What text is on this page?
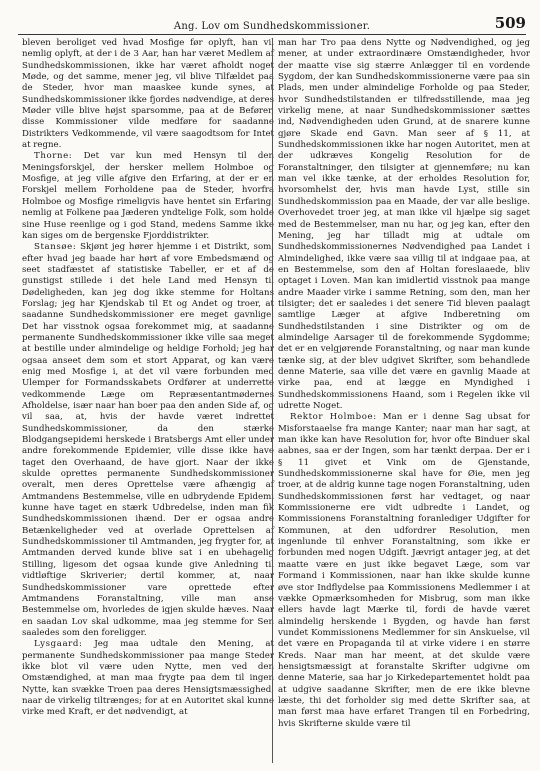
Ang. Lov om Sundhedskommissioner.	509

bleven beroliget ved hvad Mosfige før oplyft, han vil nemlig oplyft, at der i de 3 Aar, han har været Medlem af Sundhedskommissionen, ikke har været afholdt noget Møde, og det samme, mener jeg, vil blive Tilfældet paa de Steder, hvor man maaskee kunde synes, at Sundhedskommissioner ikke fjordes nødvendige, at deres Møder ville blive højst sparsomme, paa at de Befører, disse Kommissioner vilde medføre for saadanne Distrikters Vedkommende, vil være saagodtsom for Intet at regne.

Thorne: Det var kun med Hensyn til den Meningsforskjel, der hersker mellem Holmboe og Mosfige, at jeg ville afgive den Erfaring, at der er en Forskjel mellem Forholdene paa de Steder, hvorfra Holmboe og Mosfige rimeligvis have hentet sin Erfaring, nemlig at Folkene paa Jæderen yndtelige Folk, som holde sine Huse reenlige og i god Stand, medens Samme ikke kan siges om de bergenske Fjorddistrikter.

Stansøe: Skjønt jeg hører hjemme i et Distrikt, som, efter hvad jeg baade har hørt af vore Embedsmænd og seet stadfæstet af statistiske Tabeller, er et af de gunstigst stillede i det hele Land med Hensyn til Dødeligheden, kan jeg dog ikke stemme for Holtans Forslag; jeg har Kjendskab til Et og Andet og troer, at saadanne Sundhedskommissioner ere meget gavnlige. Det har visstnok ogsaa forekommet mig, at saadanne permanente Sundhedskommissioner ikke ville saa meget at bestille under almindelige og heldige Forhold; jeg har ogsaa anseet dem som et stort Apparat, og kan være enig med Mosfige i, at det vil være forbunden med Ulemper for Formandsskabets Ordfører at underrette vedkommende Læge om Repræsentantmødernes Afholdelse, især naar han boer paa den anden Side af, og vil saa, at, hvis der havde været indrettet Sundhedskommissioner, da den stærke Blodgangsepidemi herskede i Bratsbergs Amt eller under andre forekommende Epidemier, ville disse ikke have taget den Overhaand, de have gjort. Naar der ikke skulde oprettes permanente Sundhedskommissioner overalt, men deres Oprettelse være afhængig af Amtmandens Bestemmelse, ville en udbrydende Epidemi kunne have taget en stærk Udbredelse, inden man fik Sundhedskommissionen ihænd. Der er ogsaa andre Betænkeligheder ved at overlade Oprettelsen af Sundhedskommissioner til Amtmanden, jeg frygter for, at Amtmanden derved kunde blive sat i en ubehagelig Stilling, ligesom det ogsaa kunde give Anledning til vidtløftige Skriverier; dertil kommer, at, naar Sundhedskommissioner vare oprettede efter Amtmandens Foranstaltning, ville man anse Bestemmelse om, hvorledes de igjen skulde hæves. Naar en saadan Lov skal udkomme, maa jeg stemme for Sen saaledes som den foreligger.

Lysgaard: Jeg maa udtale den Mening, at permanente Sundhedskommissioner paa mange Steder ikke blot vil være uden Nytte, men ved den Omstændighed, at man maa frygte paa dem til ingen Nytte, kan svække Troen paa deres Hensigtsmæssighed, naar de virkelig tiltrænges; for at en Autoritet skal kunne virke med Kraft, er det nødvendigt, at

man har Tro paa dens Nytte og Nødvendighed, og jeg mener, at under extraordinære Omstændigheder, hvor der maatte vise sig stærre Anlægger til en vordende Sygdom, der kan Sundhedskommissionerne være paa sin Plads, men under almindelige Forholde og paa Steder, hvor Sundhedstilstanden er tilfredsstillende, maa jeg virkelig mene, at naar Sundhedskommissioner sættes ind, Nødvendigheden uden Grund, at de snarere kunne gjøre Skade end Gavn. Man seer af § 11, at Sundhedskommissionen ikke har nogen Autoritet, men at der udkræves Kongelig Resolution for de Foranstaltninger, den tilsigter at gjennemføre; nu kan man vel ikke tænke, at der erholdes Resolution for, hvorsomhelst der, hvis man havde Lyst, stille sin Sundhedskommission paa en Maade, der var alle beslige. Overhovedet troer jeg, at man ikke vil hjælpe sig saget med de Bestemmelser, man nu har, og jeg kan, efter den Mening, jeg har tilladt mig at udtale om Sundhedskommissionernes Nødvendighed paa Landet i Almindelighed, ikke være saa villig til at indgaae paa, at en Bestemmelse, som den af Holtan foreslaaede, bliv optaget i Loven. Man kan imidlertid visstnok paa mange andre Maader virke i samme Retning, som den, man her tilsigter; det er saaledes i det senere Tid bleven paalagt samtlige Læger at afgive Indberetning om Sundhedstilstanden i sine Distrikter og om de almindelige Aarsager til de forekommende Sygdomme; det er en velgjørende Foranstaltning, og naar man kunde tænke sig, at der blev udgivet Skrifter, som behandlede denne Materie, saa ville det være en gavnlig Maade at virke paa, end at lægge en Myndighed i Sundhedskommissionens Haand, som i Regelen ikke vil udrette Noget.

Rektor Holmboe: Man er i denne Sag ubsat for Misforstaaelse fra mange Kanter; naar man har sagt, at man ikke kan have Resolution for, hvor ofte Binduer skal aabnes, saa er der Ingen, som har tænkt derpaa. Der er i § 11 givet et Vink om de Gjenstande, Sundhedskommissionerne skal have for Øie, men jeg troer, at de aldrig kunne tage nogen Foranstaltning, uden Sundhedskommissionen først har vedtaget, og naar Kommissionerne ere vidt udbredte i Landet, og Kommissionens Foranstaltning foranlediger Udgifter for Kommunen, at den udfordrer Resolution, men ingenlunde til enhver Foranstaltning, som ikke er forbunden med nogen Udgift. Jævrigt antager jeg, at det maatte være en just ikke begavet Læge, som var Formand i Kommissionen, naar han ikke skulde kunne øve stor Indflydelse paa Kommissionens Medlemmer i at vække Opmærksomheden for Misbrug, som man ikke ellers havde lagt Mærke til, fordi de havde været almindelig herskende i Bygden, og havde han først vundet Kommissionens Medlemmer for sin Anskuelse, vil det være en Propaganda til at virke videre i en større Kreds. Naar man har meent, at det skulde være hensigtsmæssigt at foranstalte Skrifter udgivne om denne Materie, saa har jo Kirkedepartementet holdt paa at udgive saadanne Skrifter, men de ere ikke blevne læste, thi det forholder sig med dette Skrifter saa, at man først maa have erfaret Trangen til en Forbedring, hvis Skrifterne skulde være til
